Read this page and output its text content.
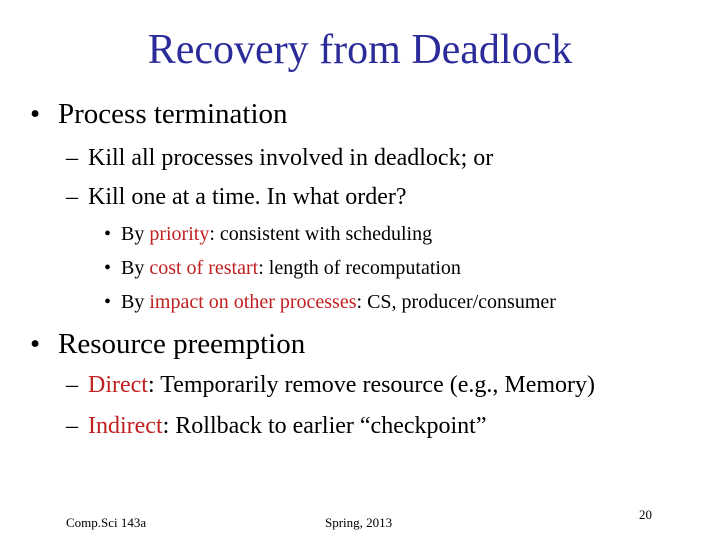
Recovery from Deadlock
• Process termination
– Kill all processes involved in deadlock; or
– Kill one at a time. In what order?
• By priority: consistent with scheduling
• By cost of restart: length of recomputation
• By impact on other processes: CS, producer/consumer
• Resource preemption
– Direct: Temporarily remove resource (e.g., Memory)
– Indirect: Rollback to earlier “checkpoint”
Comp.Sci 143a	Spring, 2013
20
